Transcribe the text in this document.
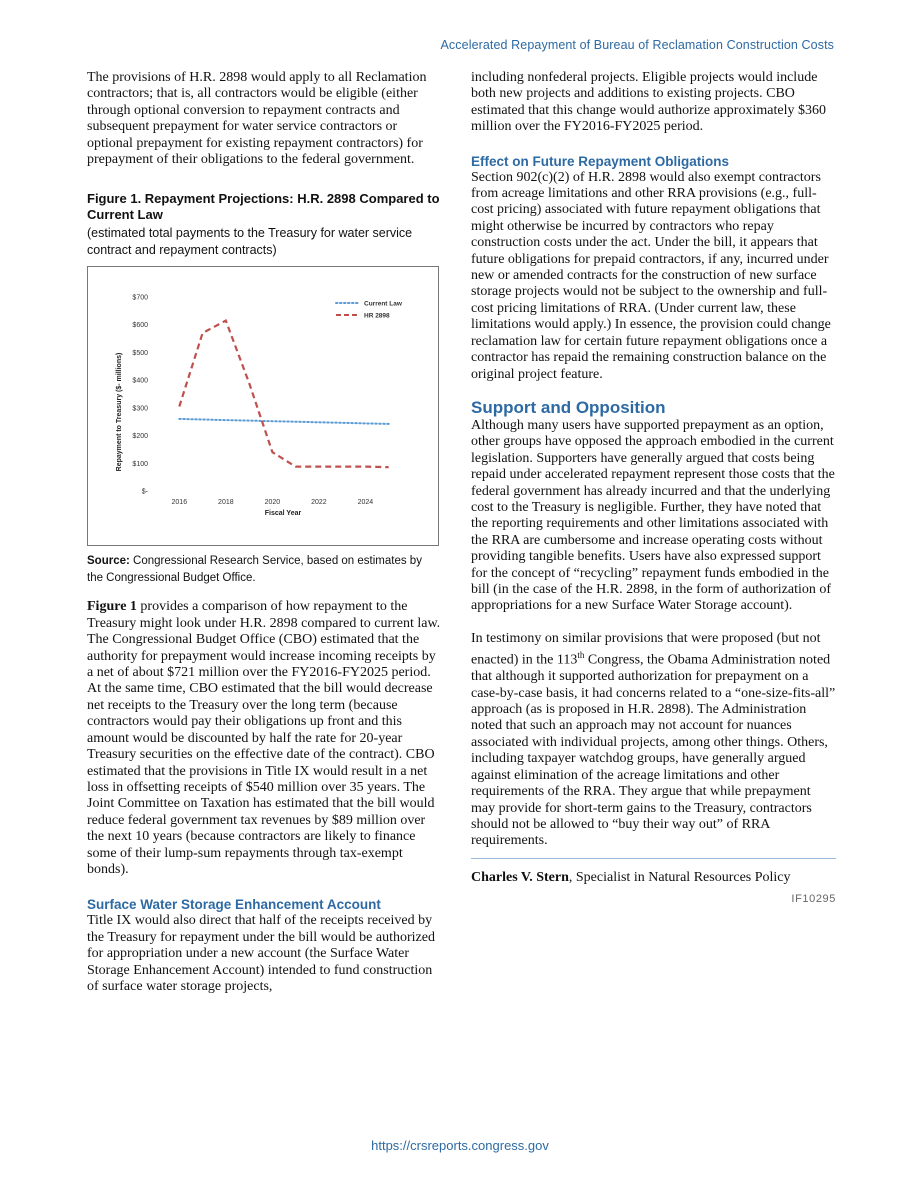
Accelerated Repayment of Bureau of Reclamation Construction Costs

The provisions of H.R. 2898 would apply to all Reclamation contractors; that is, all contractors would be eligible (either through optional conversion to repayment contracts and subsequent prepayment for water service contractors or optional prepayment for existing repayment contractors) for prepayment of their obligations to the federal government.

Figure 1. Repayment Projections: H.R. 2898 Compared to Current Law

(estimated total payments to the Treasury for water service contract and repayment contracts)

$-
$100
$200
$300
$400
$500
$600
$700
2016	2018	2020	2022	2024
Repayment to Treasury ($- millions)
Fiscal Year
Current Law
HR 2898
Source: Congressional Research Service, based on estimates by the Congressional Budget Office.

Figure 1 provides a comparison of how repayment to the Treasury might look under H.R. 2898 compared to current law. The Congressional Budget Office (CBO) estimated that the authority for prepayment would increase incoming receipts by a net of about $721 million over the FY2016-FY2025 period. At the same time, CBO estimated that the bill would decrease net receipts to the Treasury over the long term (because contractors would pay their obligations up front and this amount would be discounted by half the rate for 20-year Treasury securities on the effective date of the contract). CBO estimated that the provisions in Title IX would result in a net loss in offsetting receipts of $540 million over 35 years. The Joint Committee on Taxation has estimated that the bill would reduce federal government tax revenues by $89 million over the next 10 years (because contractors are likely to finance some of their lump-sum repayments through tax-exempt bonds).

Surface Water Storage Enhancement Account

Title IX would also direct that half of the receipts received by the Treasury for repayment under the bill would be authorized for appropriation under a new account (the Surface Water Storage Enhancement Account) intended to fund construction of surface water storage projects,

including nonfederal projects. Eligible projects would include both new projects and additions to existing projects. CBO estimated that this change would authorize approximately $360 million over the FY2016-FY2025 period.

Effect on Future Repayment Obligations

Section 902(c)(2) of H.R. 2898 would also exempt contractors from acreage limitations and other RRA provisions (e.g., full-cost pricing) associated with future repayment obligations that might otherwise be incurred by contractors who repay construction costs under the act. Under the bill, it appears that future obligations for prepaid contractors, if any, incurred under new or amended contracts for the construction of new surface storage projects would not be subject to the ownership and full-cost pricing limitations of RRA. (Under current law, these limitations would apply.) In essence, the provision could change reclamation law for certain future repayment obligations once a contractor has repaid the remaining construction balance on the original project feature.

Support and Opposition

Although many users have supported prepayment as an option, other groups have opposed the approach embodied in the current legislation. Supporters have generally argued that costs being repaid under accelerated repayment represent those costs that the federal government has already incurred and that the underlying cost to the Treasury is negligible. Further, they have noted that the reporting requirements and other limitations associated with the RRA are cumbersome and increase operating costs without providing tangible benefits. Users have also expressed support for the concept of “recycling” repayment funds embodied in the bill (in the case of the H.R. 2898, in the form of authorization of appropriations for a new Surface Water Storage account).

In testimony on similar provisions that were proposed (but not enacted) in the 113th Congress, the Obama Administration noted that although it supported authorization for prepayment on a case-by-case basis, it had concerns related to a “one-size-fits-all” approach (as is proposed in H.R. 2898). The Administration noted that such an approach may not account for nuances associated with individual projects, among other things. Others, including taxpayer watchdog groups, have generally argued against elimination of the acreage limitations and other requirements of the RRA. They argue that while prepayment may provide for short-term gains to the Treasury, contractors should not be allowed to “buy their way out” of RRA requirements.

Charles V. Stern, Specialist in Natural Resources Policy
IF10295
https://crsreports.congress.gov
